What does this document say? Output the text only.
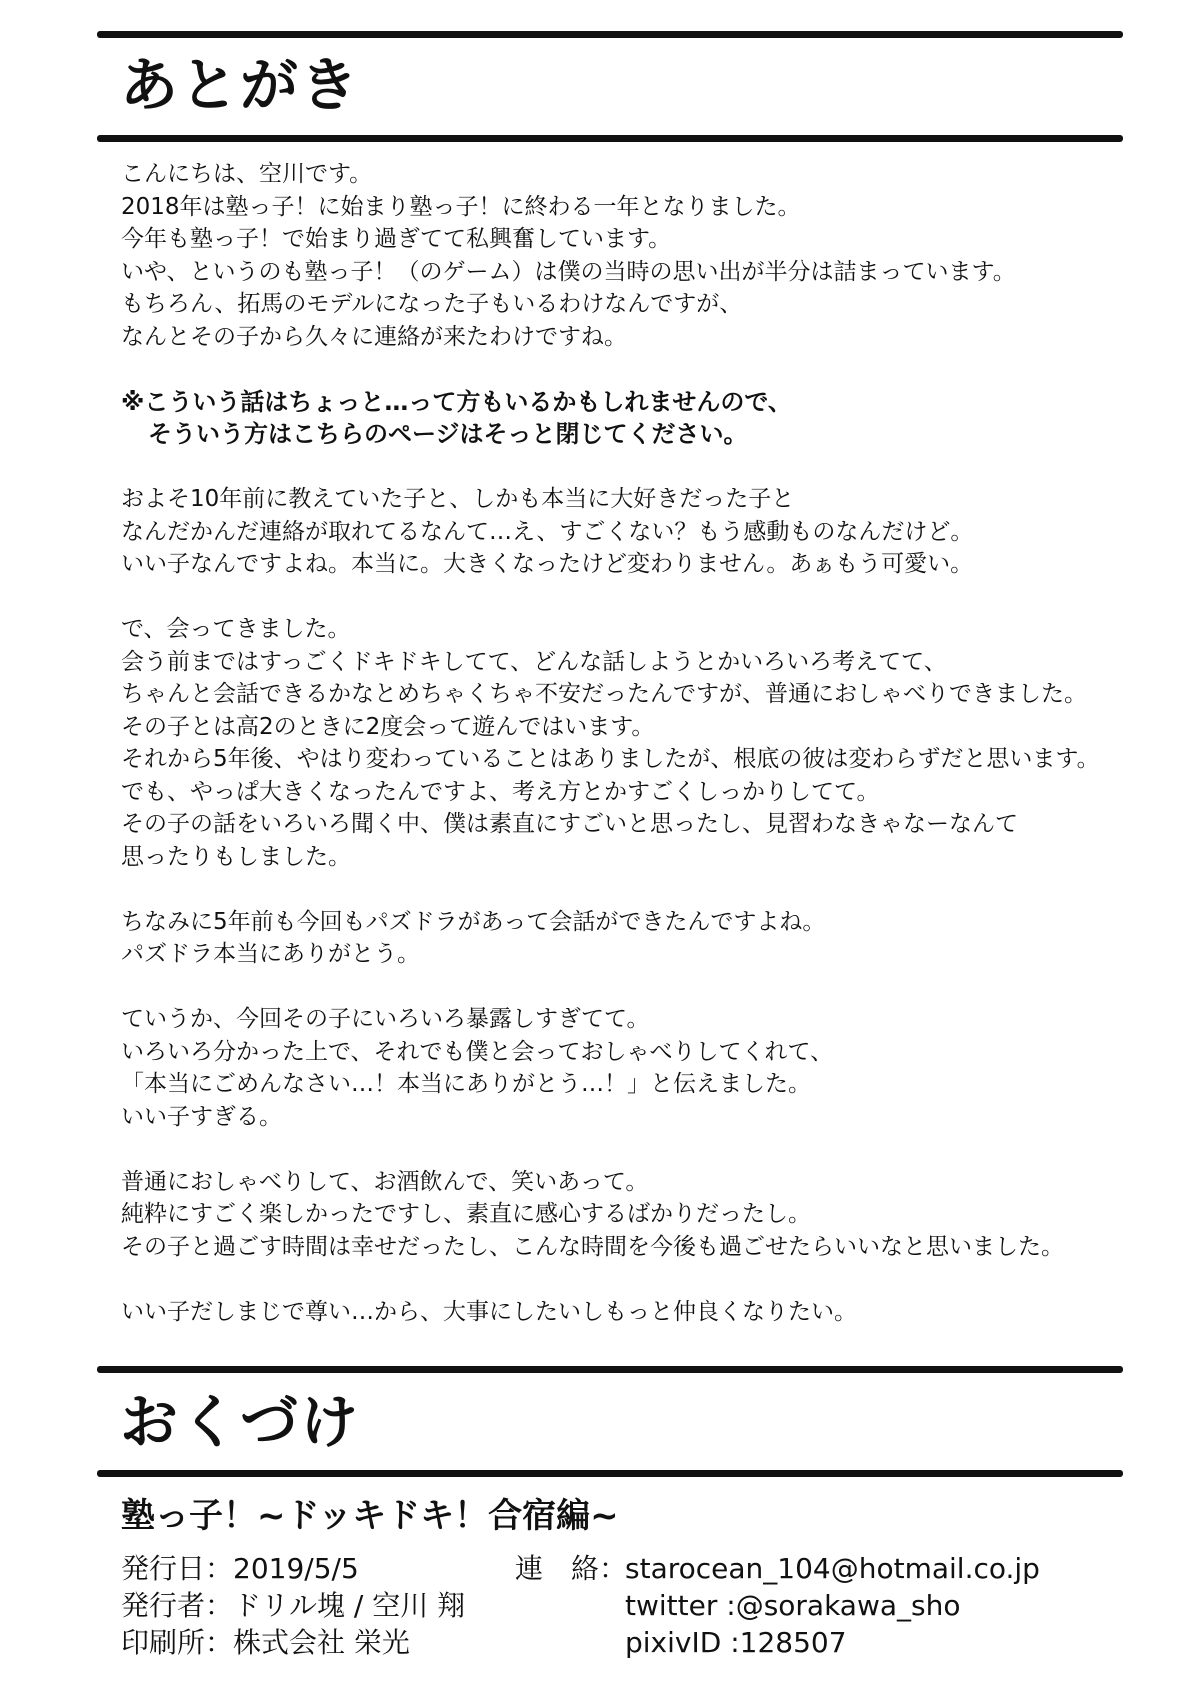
あとがき
こんにちは、空川です。
2018年は塾っ子！に始まり塾っ子！に終わる一年となりました。
今年も塾っ子！で始まり過ぎてて私興奮しています。
いや、というのも塾っ子！（のゲーム）は僕の当時の思い出が半分は詰まっています。
もちろん、拓馬のモデルになった子もいるわけなんですが、
なんとその子から久々に連絡が来たわけですね。
※こういう話はちょっと…って方もいるかもしれませんので、
そういう方はこちらのページはそっと閉じてください。
およそ10年前に教えていた子と、しかも本当に大好きだった子と
なんだかんだ連絡が取れてるなんて…え、すごくない？もう感動ものなんだけど。
いい子なんですよね。本当に。大きくなったけど変わりません。あぁもう可愛い。
で、会ってきました。
会う前まではすっごくドキドキしてて、どんな話しようとかいろいろ考えてて、
ちゃんと会話できるかなとめちゃくちゃ不安だったんですが、普通におしゃべりできました。
その子とは高2のときに2度会って遊んではいます。
それから5年後、やはり変わっていることはありましたが、根底の彼は変わらずだと思います。
でも、やっぱ大きくなったんですよ、考え方とかすごくしっかりしてて。
その子の話をいろいろ聞く中、僕は素直にすごいと思ったし、見習わなきゃなーなんて
思ったりもしました。
ちなみに5年前も今回もパズドラがあって会話ができたんですよね。
パズドラ本当にありがとう。
ていうか、今回その子にいろいろ暴露しすぎてて。
いろいろ分かった上で、それでも僕と会っておしゃべりしてくれて、
「本当にごめんなさい…！本当にありがとう…！」と伝えました。
いい子すぎる。
普通におしゃべりして、お酒飲んで、笑いあって。
純粋にすごく楽しかったですし、素直に感心するばかりだったし。
その子と過ごす時間は幸せだったし、こんな時間を今後も過ごせたらいいなと思いました。
いい子だしまじで尊い…から、大事にしたいしもっと仲良くなりたい。
おくづけ
塾っ子！~ドッキドキ！合宿編~
発行日：2019/5/5
発行者：ドリル塊 / 空川 翔
印刷所：株式会社 栄光
連　絡：starocean_104@hotmail.co.jp
twitter :@sorakawa_sho
pixivID :128507
